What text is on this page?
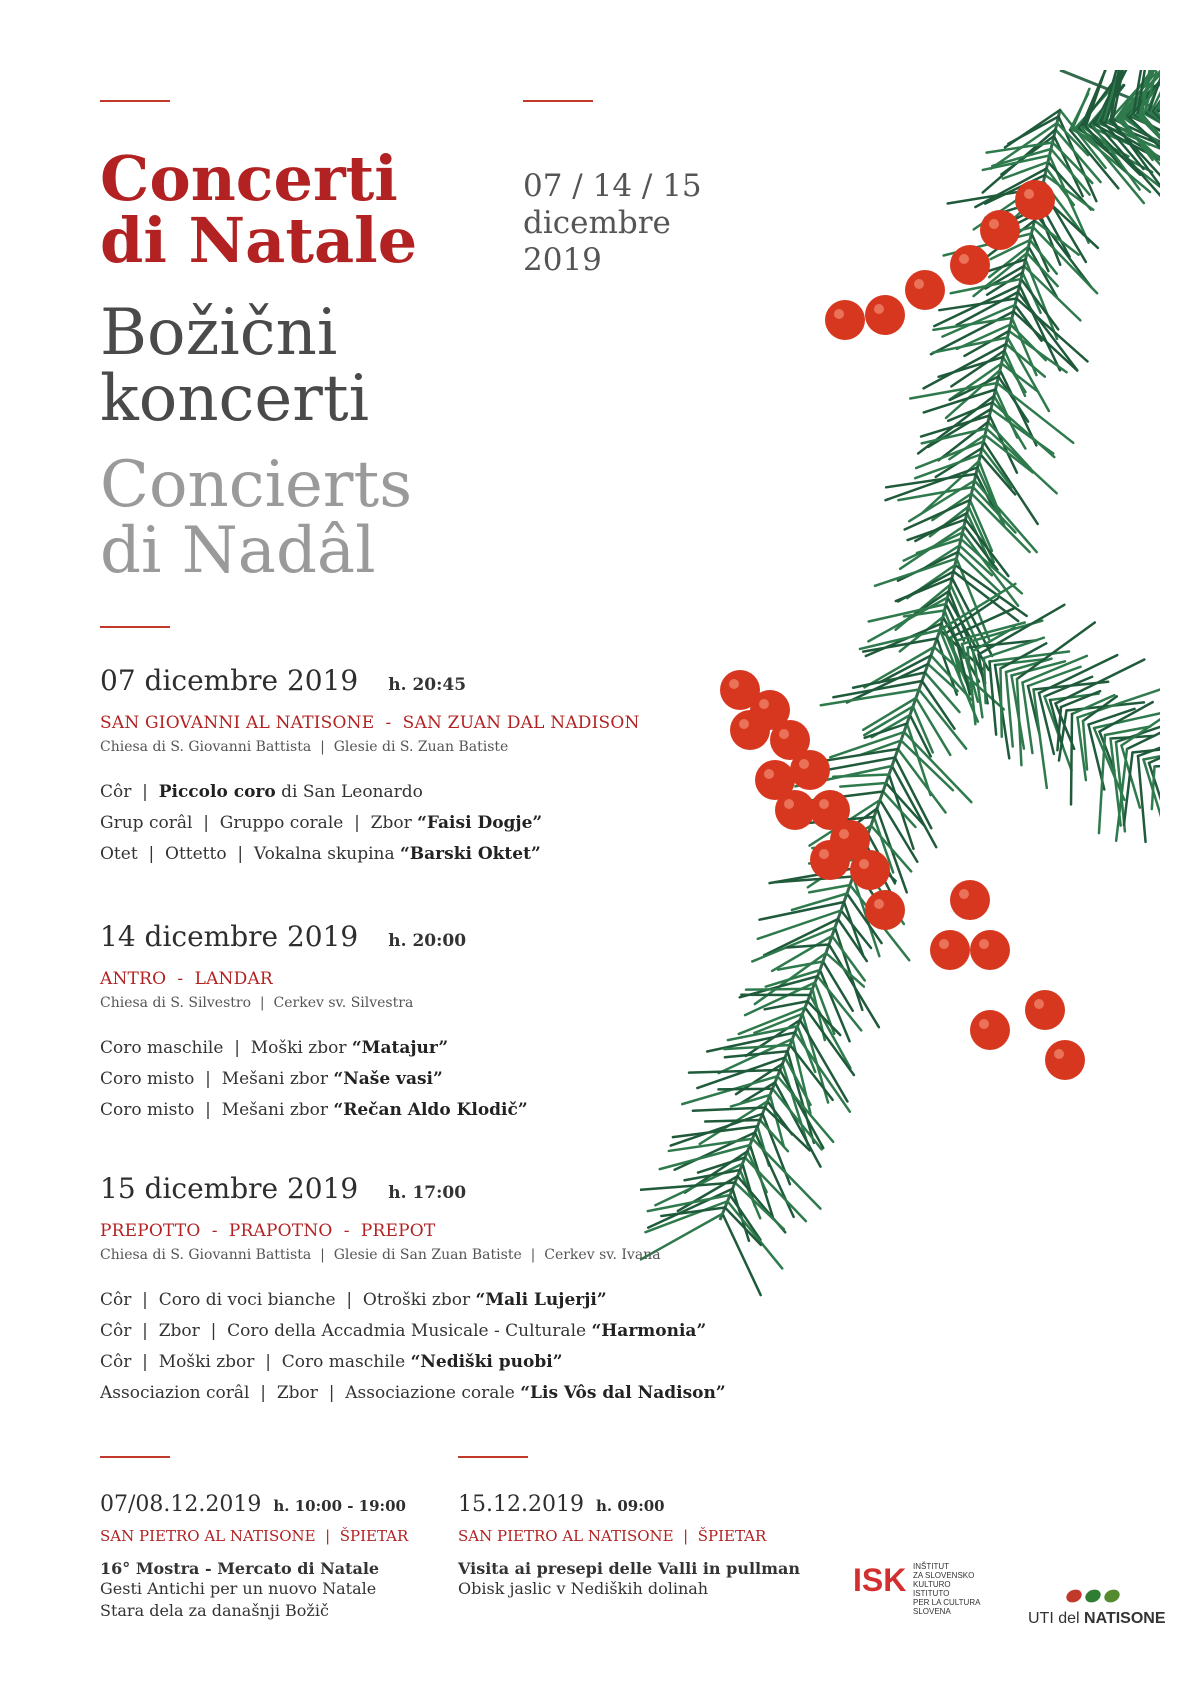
Concerti
di Natale
Božični
koncerti
Concierts
di Nadâl
07 / 14 / 15
dicembre
2019
07 dicembre 2019 h. 20:45
SAN GIOVANNI AL NATISONE  -  SAN ZUAN DAL NADISON
Chiesa di S. Giovanni Battista  |  Glesie di S. Zuan Batiste
Côr  |  Piccolo coro di San Leonardo
Grup corâl  |  Gruppo corale  |  Zbor “Faisi Dogje”
Otet  |  Ottetto  |  Vokalna skupina “Barski Oktet”
14 dicembre 2019 h. 20:00
ANTRO  -  LANDAR
Chiesa di S. Silvestro  |  Cerkev sv. Silvestra
Coro maschile  |  Moški zbor “Matajur”
Coro misto  |  Mešani zbor “Naše vasi”
Coro misto  |  Mešani zbor “Rečan Aldo Klodič”
15 dicembre 2019 h. 17:00
PREPOTTO  -  PRAPOTNO  -  PREPOT
Chiesa di S. Giovanni Battista  |  Glesie di San Zuan Batiste  |  Cerkev sv. Ivana
Côr  |  Coro di voci bianche  |  Otroški zbor “Mali Lujerji”
Côr  |  Zbor  |  Coro della Accadmia Musicale - Culturale “Harmonia”
Côr  |  Moški zbor  |  Coro maschile “Nediški puobi”
Associazion corâl  |  Zbor  |  Associazione corale “Lis Vôs dal Nadison”
07/08.12.2019 h. 10:00 - 19:00
SAN PIETRO AL NATISONE  |  ŠPIETAR
16° Mostra - Mercato di Natale
Gesti Antichi per un nuovo Natale
Stara dela za današnji Božič
15.12.2019 h. 09:00
SAN PIETRO AL NATISONE  |  ŠPIETAR
Visita ai presepi delle Valli in pullman
Obisk jaslic v Nediških dolinah	ISK INŠTITUT
ZA SLOVENSKO
KULTURO
ISTITUTO
PER LA CULTURA
SLOVENA	UTI del NATISONE
